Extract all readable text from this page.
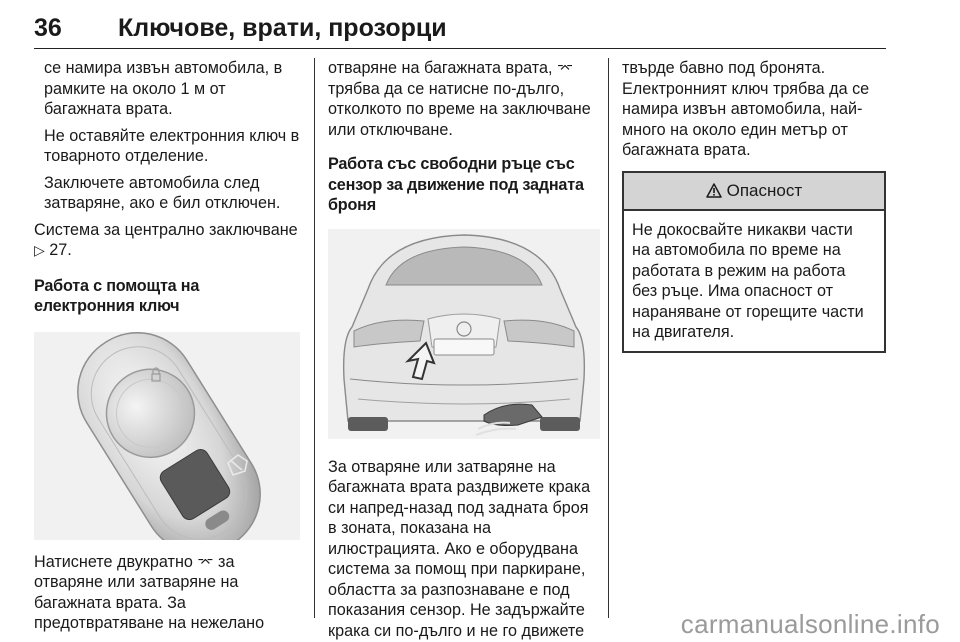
36 Ключове, врати, прозорци

се намира извън автомобила, в рамките на около 1 м от багажната врата.

Не оставяйте електронния ключ в товарното отделение.

Заключете автомобила след затваряне, ако е бил отключен.

Система за централно заключване ▷ 27.

Работа с помощта на електронния ключ

Натиснете двукратно ⌤ за отваряне или затваряне на багажната врата. За предотвратяване на нежелано

отваряне на багажната врата, ⌤ трябва да се натисне по-дълго, отколкото по време на заключване или отключване.

Работа със свободни ръце със сензор за движение под задната броня

За отваряне или затваряне на багажната врата раздвижете крака си напред-назад под задната броя в зоната, показана на илюстрацията. Ако е оборудвана система за помощ при паркиране, областта за разпознаване е под показания сензор. Не задържайте крака си по-дълго и не го движете

твърде бавно под бронята. Електронният ключ трябва да се намира извън автомобила, най-много на около един метър от багажната врата.

Опасност
Не докосвайте никакви части на автомобила по време на работата в режим на работа без ръце. Има опасност от нараняване от горещите части на двигателя.
carmanualsonline.info
